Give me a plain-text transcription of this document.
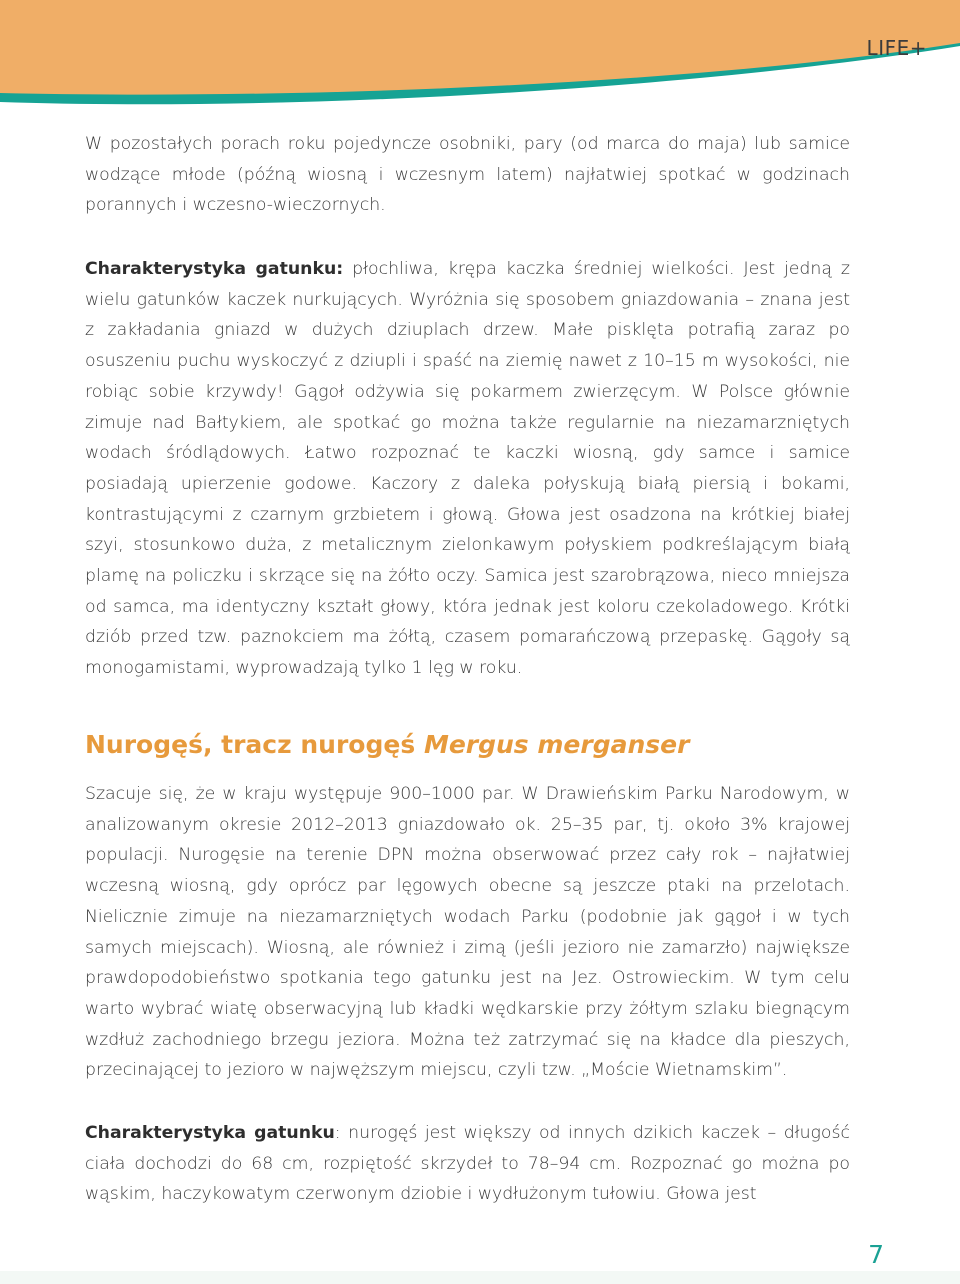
LIFE+
W pozostałych porach roku pojedyncze osobniki, pary (od marca do maja) lub samice wodzące młode (późną wiosną i wczesnym latem) najłatwiej spotkać w godzinach porannych i wczesno-wieczornych.
Charakterystyka gatunku: płochliwa, krępa kaczka średniej wielkości. Jest jedną z wielu gatunków kaczek nurkujących. Wyróżnia się sposobem gniazdowania – znana jest z zakładania gniazd w dużych dziuplach drzew. Małe pisklęta potrafią zaraz po osuszeniu puchu wyskoczyć z dziupli i spaść na ziemię nawet z 10–15 m wysokości, nie robiąc sobie krzywdy! Gągoł odżywia się pokarmem zwierzęcym. W Polsce głównie zimuje nad Bałtykiem, ale spotkać go można także regularnie na niezamarzniętych wodach śródlądowych. Łatwo rozpoznać te kaczki wiosną, gdy samce i samice posiadają upierzenie godowe. Kaczory z daleka połyskują białą piersią i bokami, kontrastującymi z czarnym grzbietem i głową. Głowa jest osadzona na krótkiej białej szyi, stosunkowo duża, z metalicznym zielonkawym połyskiem podkreślającym białą plamę na policzku i skrzące się na żółto oczy. Samica jest szarobrązowa, nieco mniejsza od samca, ma identyczny kształt głowy, która jednak jest koloru czekoladowego. Krótki dziób przed tzw. paznokciem ma żółtą, czasem pomarańczową przepaskę. Gągoły są monogamistami, wyprowadzają tylko 1 lęg w roku.
Nurogęś, tracz nurogęś Mergus merganser
Szacuje się, że w kraju występuje 900–1000 par. W Drawieńskim Parku Narodowym, w analizowanym okresie 2012–2013 gniazdowało ok. 25–35 par, tj. około 3% krajowej populacji. Nurogęsie na terenie DPN można obserwować przez cały rok – najłatwiej wczesną wiosną, gdy oprócz par lęgowych obecne są jeszcze ptaki na przelotach. Nielicznie zimuje na niezamarzniętych wodach Parku (podobnie jak gągoł i w tych samych miejscach). Wiosną, ale również i zimą (jeśli jezioro nie zamarzło) największe prawdopodobieństwo spotkania tego gatunku jest na Jez. Ostrowieckim. W tym celu warto wybrać wiatę obserwacyjną lub kładki wędkarskie przy żółtym szlaku biegnącym wzdłuż zachodniego brzegu jeziora. Można też zatrzymać się na kładce dla pieszych, przecinającej to jezioro w najwęższym miejscu, czyli tzw. „Moście Wietnamskim”.
Charakterystyka gatunku: nurogęś jest większy od innych dzikich kaczek – długość ciała dochodzi do 68 cm, rozpiętość skrzydeł to 78–94 cm. Rozpoznać go można po wąskim, haczykowatym czerwonym dziobie i wydłużonym tułowiu. Głowa jest
7
